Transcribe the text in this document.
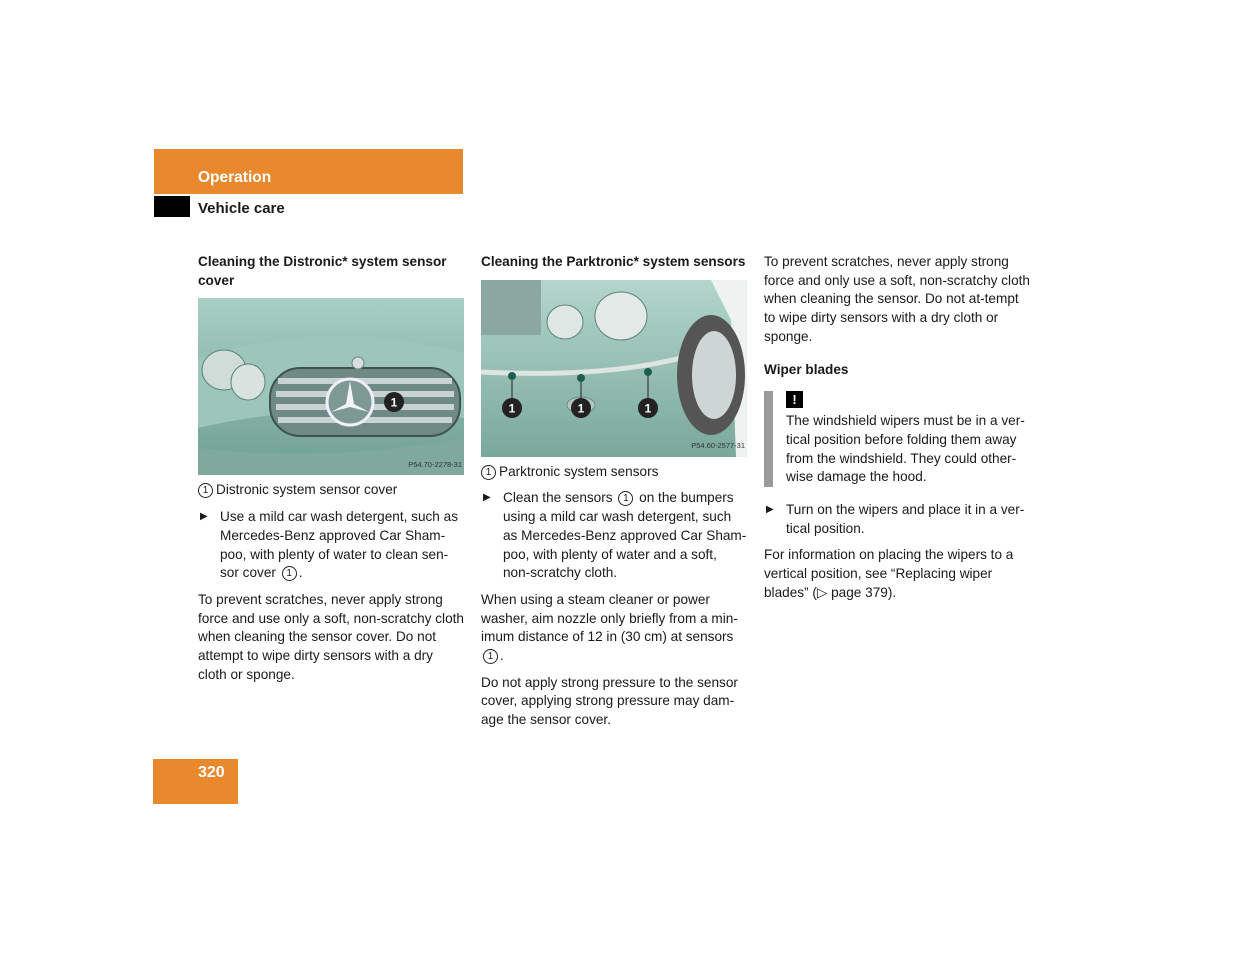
Operation
Vehicle care
Cleaning the Distronic* system sensor cover
1
P54.70-2278-31
1 Distronic system sensor cover
▶ Use a mild car wash detergent, such as Mercedes-Benz approved Car Sham-poo, with plenty of water to clean sen-sor cover 1 .

To prevent scratches, never apply strong force and use only a soft, non-scratchy cloth when cleaning the sensor cover. Do not attempt to wipe dirty sensors with a dry cloth or sponge.

Cleaning the Parktronic* system sensors
1	1	1
P54.60-2577-31
1 Parktronic system sensors
▶ Clean the sensors 1 on the bumpers using a mild car wash detergent, such as Mercedes-Benz approved Car Sham-poo, with plenty of water and a soft, non-scratchy cloth.

When using a steam cleaner or power washer, aim nozzle only briefly from a min-imum distance of 12 in (30 cm) at sensors 1 .

Do not apply strong pressure to the sensor cover, applying strong pressure may dam-age the sensor cover.

To prevent scratches, never apply strong force and only use a soft, non-scratchy cloth when cleaning the sensor. Do not at-tempt to wipe dirty sensors with a dry cloth or sponge.

Wiper blades
!
The windshield wipers must be in a ver-tical position before folding them away from the windshield. They could other-wise damage the hood.
▶ Turn on the wipers and place it in a ver-tical position.

For information on placing the wipers to a vertical position, see “Replacing wiper blades” (▷ page 379).

320
